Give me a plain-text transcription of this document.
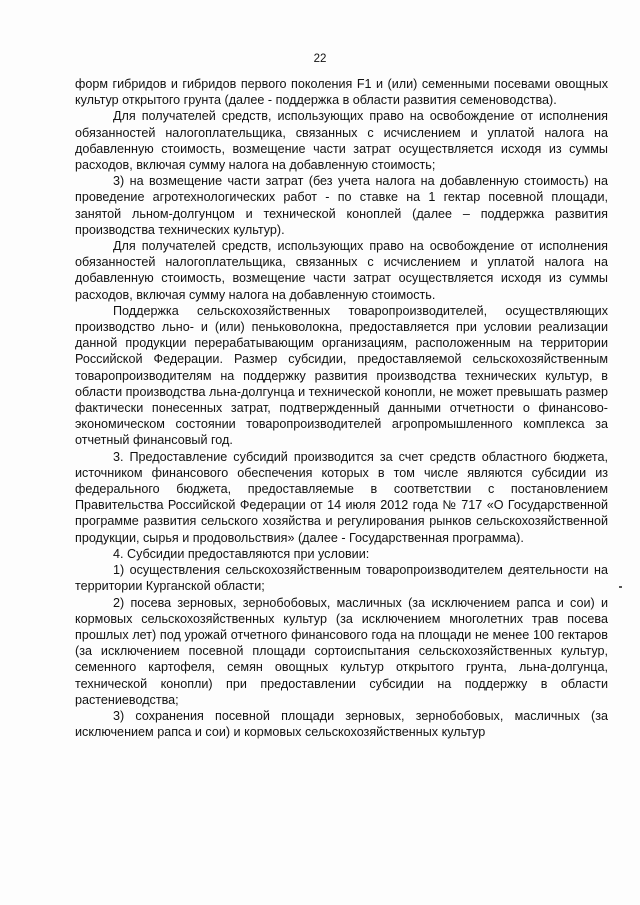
22

форм гибридов и гибридов первого поколения F1 и (или) семенными посевами овощных культур открытого грунта (далее - поддержка в области развития семеноводства).

Для получателей средств, использующих право на освобождение от исполнения обязанностей налогоплательщика, связанных с исчислением и уплатой налога на добавленную стоимость, возмещение части затрат осуществляется исходя из суммы расходов, включая сумму налога на добавленную стоимость;

3) на возмещение части затрат (без учета налога на добавленную стоимость) на проведение агротехнологических работ - по ставке на 1 гектар посевной площади, занятой льном-долгунцом и технической коноплей (далее – поддержка развития производства технических культур).

Для получателей средств, использующих право на освобождение от исполнения обязанностей налогоплательщика, связанных с исчислением и уплатой налога на добавленную стоимость, возмещение части затрат осуществляется исходя из суммы расходов, включая сумму налога на добавленную стоимость.

Поддержка сельскохозяйственных товаропроизводителей, осуществляющих производство льно- и (или) пеньковолокна, предоставляется при условии реализации данной продукции перерабатывающим организациям, расположенным на территории Российской Федерации. Размер субсидии, предоставляемой сельскохозяйственным товаропроизводителям на поддержку развития производства технических культур, в области производства льна-долгунца и технической конопли, не может превышать размер фактически понесенных затрат, подтвержденный данными отчетности о финансово-экономическом состоянии товаропроизводителей агропромышленного комплекса за отчетный финансовый год.

3. Предоставление субсидий производится за счет средств областного бюджета, источником финансового обеспечения которых в том числе являются субсидии из федерального бюджета, предоставляемые в соответствии с постановлением Правительства Российской Федерации от 14 июля 2012 года № 717 «О Государственной программе развития сельского хозяйства и регулирования рынков сельскохозяйственной продукции, сырья и продовольствия» (далее - Государственная программа).

4. Субсидии предоставляются при условии:

1) осуществления сельскохозяйственным товаропроизводителем деятельности на территории Курганской области;

2) посева зерновых, зернобобовых, масличных (за исключением рапса и сои) и кормовых сельскохозяйственных культур (за исключением многолетних трав посева прошлых лет) под урожай отчетного финансового года на площади не менее 100 гектаров (за исключением посевной площади сортоиспытания сельскохозяйственных культур, семенного картофеля, семян овощных культур открытого грунта, льна-долгунца, технической конопли) при предоставлении субсидии на поддержку в области растениеводства;

3) сохранения посевной площади зерновых, зернобобовых, масличных (за исключением рапса и сои) и кормовых сельскохозяйственных культур
